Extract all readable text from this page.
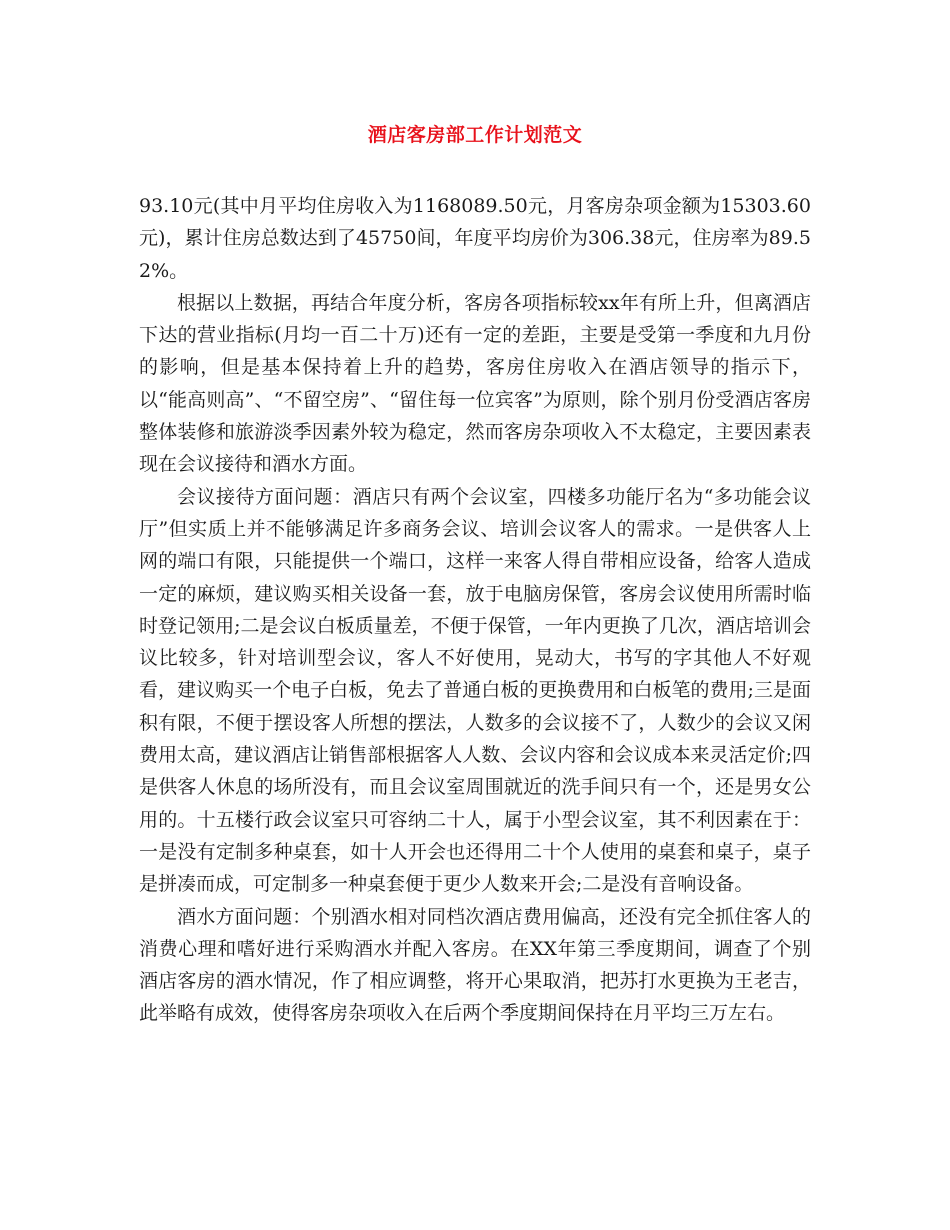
酒店客房部工作计划范文

93.10元(其中月平均住房收入为1168089.50元，月客房杂项金额为15303.60元)，累计住房总数达到了45750间，年度平均房价为306.38元，住房率为89.52%。

根据以上数据，再结合年度分析，客房各项指标较xx年有所上升，但离酒店下达的营业指标(月均一百二十万)还有一定的差距，主要是受第一季度和九月份的影响，但是基本保持着上升的趋势，客房住房收入在酒店领导的指示下，以“能高则高”、“不留空房”、“留住每一位宾客”为原则，除个别月份受酒店客房整体装修和旅游淡季因素外较为稳定，然而客房杂项收入不太稳定，主要因素表现在会议接待和酒水方面。

会议接待方面问题：酒店只有两个会议室，四楼多功能厅名为“多功能会议厅”但实质上并不能够满足许多商务会议、培训会议客人的需求。一是供客人上网的端口有限，只能提供一个端口，这样一来客人得自带相应设备，给客人造成一定的麻烦，建议购买相关设备一套，放于电脑房保管，客房会议使用所需时临时登记领用;二是会议白板质量差，不便于保管，一年内更换了几次，酒店培训会议比较多，针对培训型会议，客人不好使用，晃动大，书写的字其他人不好观看，建议购买一个电子白板，免去了普通白板的更换费用和白板笔的费用;三是面积有限，不便于摆设客人所想的摆法，人数多的会议接不了，人数少的会议又闲费用太高，建议酒店让销售部根据客人人数、会议内容和会议成本来灵活定价;四是供客人休息的场所没有，而且会议室周围就近的洗手间只有一个，还是男女公用的。十五楼行政会议室只可容纳二十人，属于小型会议室，其不利因素在于：一是没有定制多种桌套，如十人开会也还得用二十个人使用的桌套和桌子，桌子是拼凑而成，可定制多一种桌套便于更少人数来开会;二是没有音响设备。

酒水方面问题：个别酒水相对同档次酒店费用偏高，还没有完全抓住客人的消费心理和嗜好进行采购酒水并配入客房。在XX年第三季度期间，调查了个别酒店客房的酒水情况，作了相应调整，将开心果取消，把苏打水更换为王老吉，此举略有成效，使得客房杂项收入在后两个季度期间保持在月平均三万左右。
